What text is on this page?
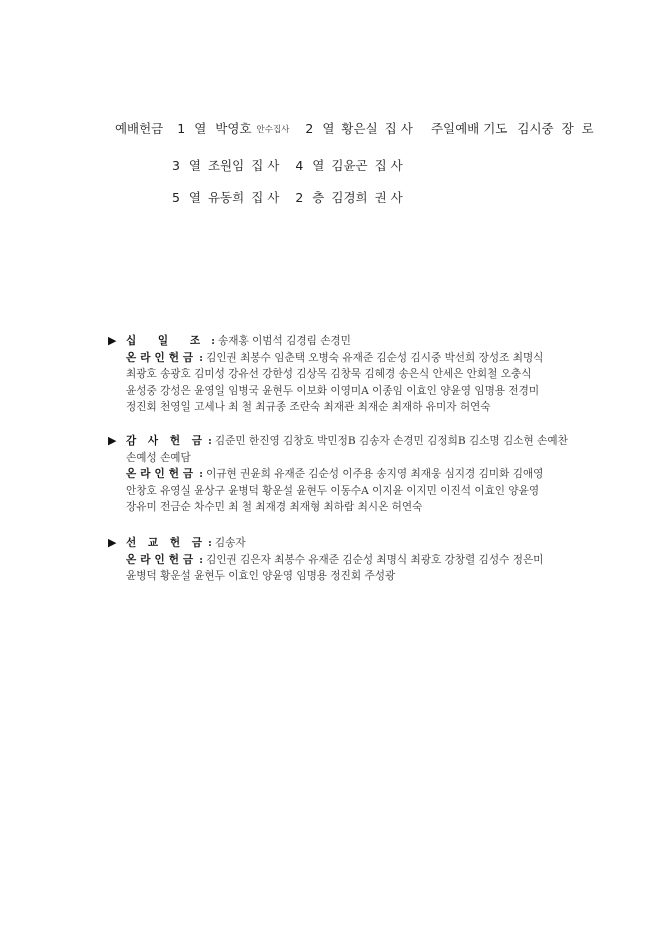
예배헌금 1 열 박영호 안수집사 2 열 황은실 집 사	주일예배 기도 김시중 장  로

3 열 조원임 집 사 4 열 김윤곤 집 사

5 열 유동희 집 사 2 층 김경희 권 사

▶ 십 일 조 : 송재홍 이범석 김경림 손경민
온라인헌금 : 김인권 최봉수 임춘택 오병숙 유재준 김순성 김시중 박선희 장성조 최명식
최광호 송광호 김미성 강유선 강한성 김상목 김창묵 김혜경 송은식 안세은 안회철 오충식
윤성중 강성은 윤영일 임병국 윤현두 이보화 이영미A 이종임 이효인 양윤영 임명용 전경미
정진회 천영일 고세나 최 철 최규종 조란숙 최재관 최재순 최재하 유미자 허연숙
▶ 감 사 헌 금 : 김준민 한진영 김창호 박민정B 김송자 손경민 김정희B 김소명 김소현 손예찬
손예성 손예담
온라인헌금 : 이규현 권윤희 유재준 김순성 이주용 송지영 최재웅 심지경 김미화 김애영
안창호 유영실 윤상구 윤병덕 황운설 윤현두 이동수A 이지윤 이지민 이진석 이효인 양윤영
장유미 전금순 차수민 최 철 최재경 최재형 최하람 최시온 허연숙
▶ 선 교 헌 금 : 김송자
온라인헌금 : 김인권 김은자 최봉수 유재준 김순성 최명식 최광호 강창렬 김성수 정은미
윤병덕 황운설 윤현두 이효인 양윤영 임명용 정진회 주성광
